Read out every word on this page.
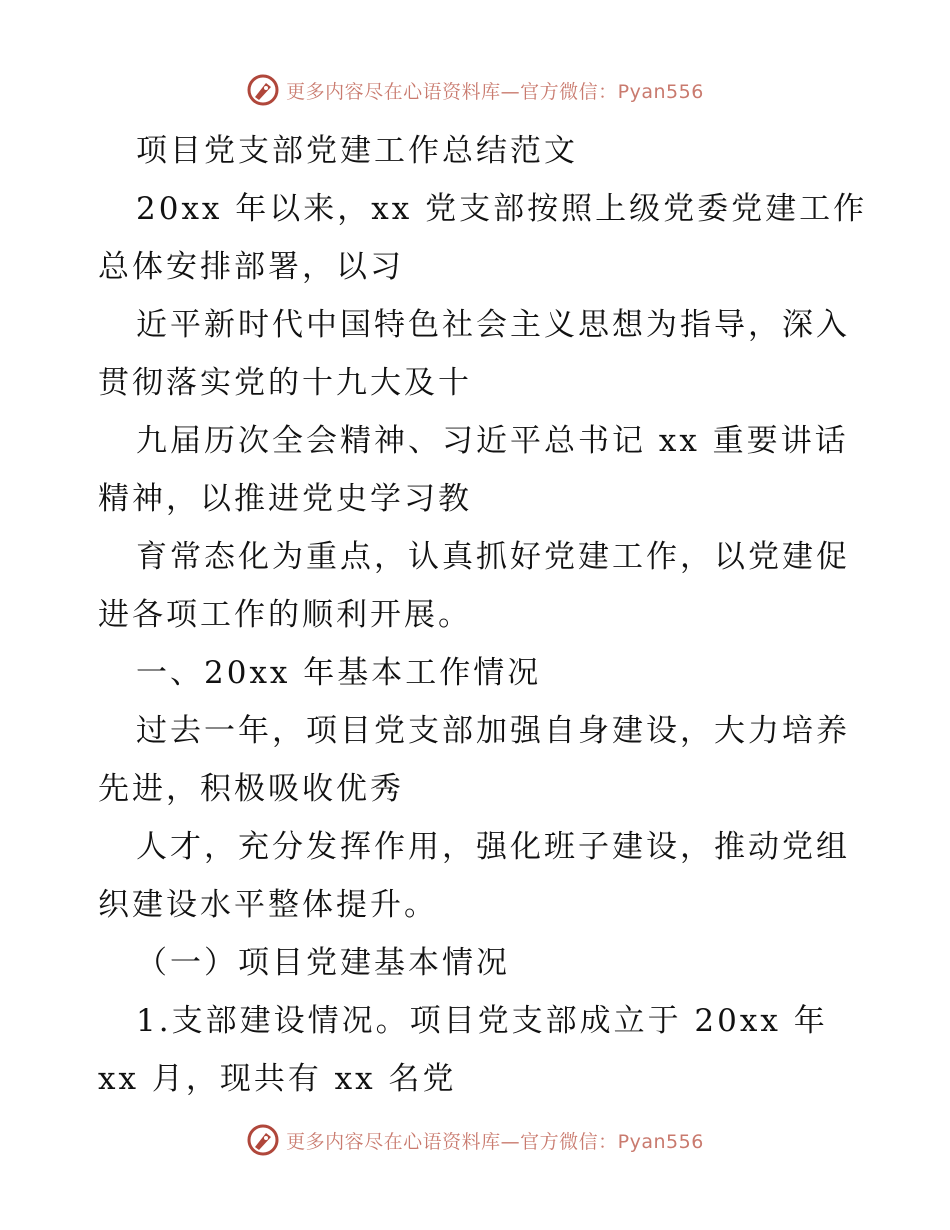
更多内容尽在心语资料库—官方微信：Pyan556
项目党支部党建工作总结范文
20xx 年以来，xx 党支部按照上级党委党建工作
总体安排部署，以习
近平新时代中国特色社会主义思想为指导，深入
贯彻落实党的十九大及十
九届历次全会精神、习近平总书记 xx 重要讲话
精神，以推进党史学习教
育常态化为重点，认真抓好党建工作，以党建促
进各项工作的顺利开展。
一、20xx 年基本工作情况
过去一年，项目党支部加强自身建设，大力培养
先进，积极吸收优秀
人才，充分发挥作用，强化班子建设，推动党组
织建设水平整体提升。
（一）项目党建基本情况
1.支部建设情况。项目党支部成立于 20xx 年
xx 月，现共有 xx 名党
更多内容尽在心语资料库—官方微信：Pyan556
